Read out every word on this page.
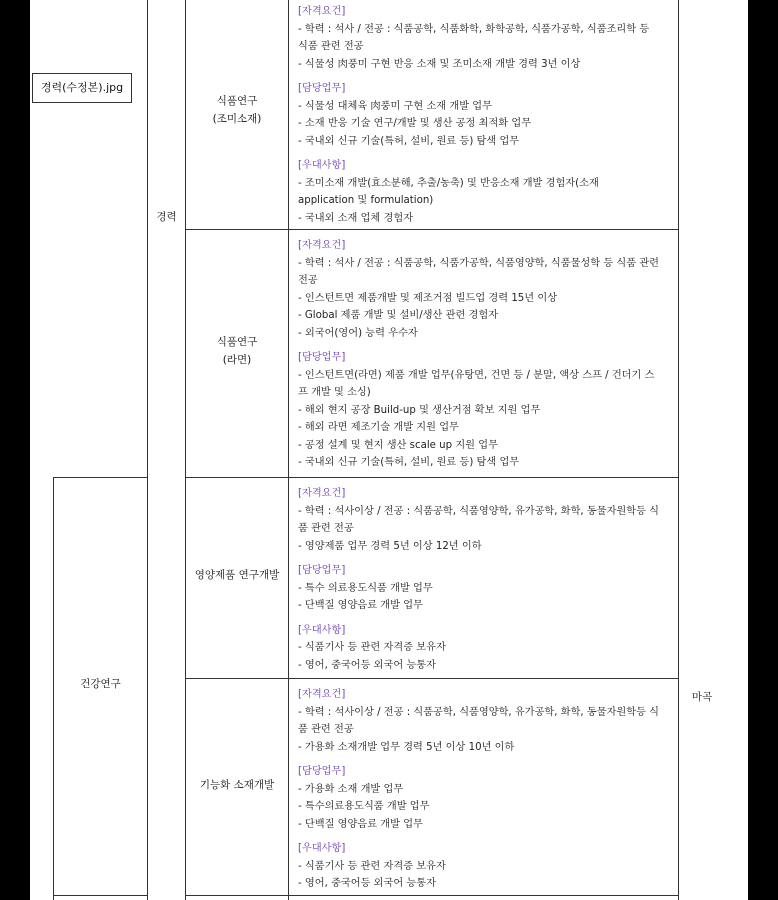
경력(수정본).jpg
경력
건강연구
마곡
식품연구
(조미소재)
식품연구
(라면)
영양제품 연구개발
기능화 소재개발
[자격요건]
- 학력 : 석사 / 전공 : 식품공학, 식품화학, 화학공학, 식품가공학, 식품조리학 등
식품 관련 전공
- 식물성 肉풍미 구현 반응 소재 및 조미소재 개발 경력 3년 이상
[담당업무]
- 식물성 대체육 肉풍미 구현 소재 개발 업무
- 소재 반응 기술 연구/개발 및 생산 공정 최적화 업무
- 국내외 신규 기술(특허, 설비, 원료 등) 탐색 업무
[우대사항]
- 조미소재 개발(효소분해, 추출/농축) 및 반응소재 개발 경험자(소재
application 및 formulation)
- 국내외 소재 업체 경험자
[자격요건]
- 학력 : 석사 / 전공 : 식품공학, 식품가공학, 식품영양학, 식품물성학 등 식품 관련
전공
- 인스턴트면 제품개발 및 제조거점 빌드업 경력 15년 이상
- Global 제품 개발 및 설비/생산 관련 경험자
- 외국어(영어) 능력 우수자
[담당업무]
- 인스턴트면(라면) 제품 개발 업무(유탕면, 건면 등 / 분말, 액상 스프 / 건더기 스
프 개발 및 소싱)
- 해외 현지 공장 Build-up 및 생산거점 확보 지원 업무
- 해외 라면 제조기술 개발 지원 업무
- 공정 설계 및 현지 생산 scale up 지원 업무
- 국내외 신규 기술(특허, 설비, 원료 등) 탐색 업무
[자격요건]
- 학력 : 석사이상 / 전공 : 식품공학, 식품영양학, 유가공학, 화학, 동물자원학등 식
품 관련 전공
- 영양제품 업무 경력 5년 이상 12년 이하
[담당업무]
- 특수 의료용도식품 개발 업무
- 단백질 영양음료 개발 업무
[우대사항]
- 식품기사 등 관련 자격증 보유자
- 영어, 중국어등 외국어 능통자
[자격요건]
- 학력 : 석사이상 / 전공 : 식품공학, 식품영양학, 유가공학, 화학, 동물자원학등 식
품 관련 전공
- 가용화 소재개발 업무 경력 5년 이상 10년 이하
[담당업무]
- 가용화 소재 개발 업무
- 특수의료용도식품 개발 업무
- 단백질 영양음료 개발 업무
[우대사항]
- 식품기사 등 관련 자격증 보유자
- 영어, 중국어등 외국어 능통자
